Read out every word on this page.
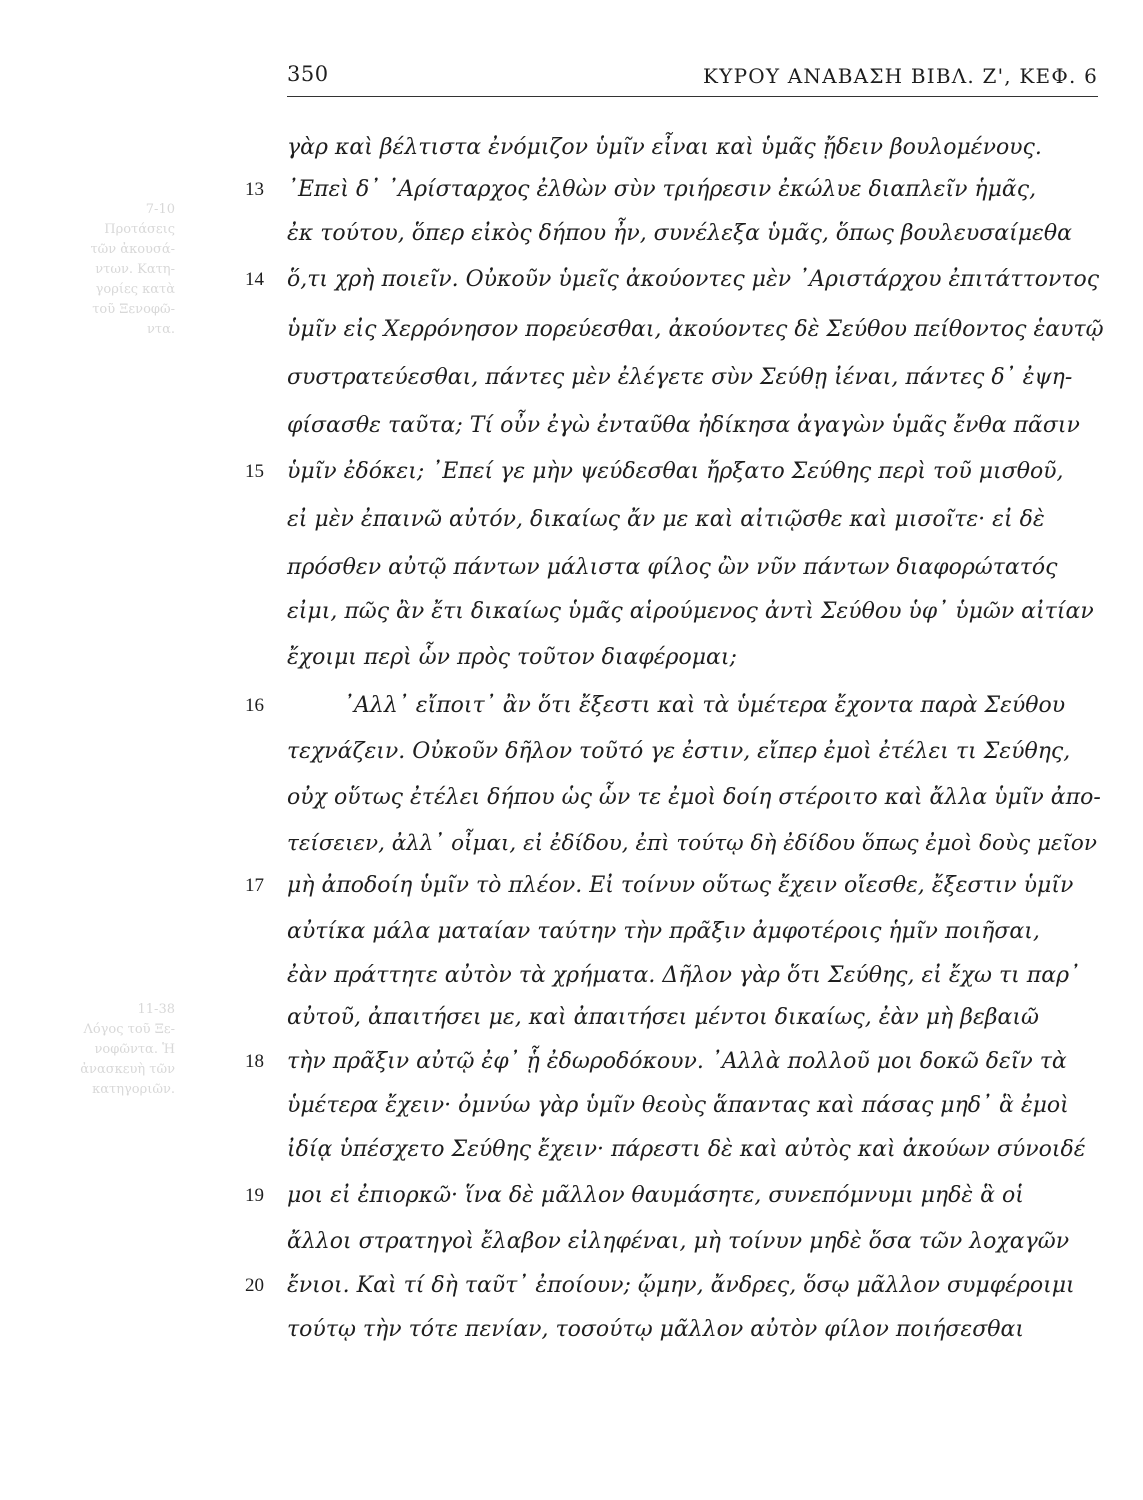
350	ΚΥΡΟΥ ΑΝΑΒΑΣΗ ΒΙΒΛ. Ζ', ΚΕΦ. 6
7-10
Προτάσεις
τῶν ἀκουσά-
ντων. Κατη-
γορίες κατὰ
τοῦ Ξενοφῶ-
ντα.
11-38
Λόγος τοῦ Ξε-
νοφῶντα. Ἡ
ἀνασκευὴ τῶν
κατηγοριῶν.
γὰρ καὶ βέλτιστα ἐνόμιζον ὑμῖν εἶναι καὶ ὑμᾶς ᾔδειν βουλομένους.
13	᾿Επεὶ δ᾿ ᾿Αρίσταρχος ἐλθὼν σὺν τριήρεσιν ἐκώλυε διαπλεῖν ἡμᾶς,
ἐκ τούτου, ὅπερ εἰκὸς δήπου ἦν, συνέλεξα ὑμᾶς, ὅπως βουλευσαίμεθα
14	ὅ,τι χρὴ ποιεῖν. Οὐκοῦν ὑμεῖς ἀκούοντες μὲν ᾿Αριστάρχου ἐπιτάττοντος
ὑμῖν εἰς Χερρόνησον πορεύεσθαι, ἀκούοντες δὲ Σεύθου πείθοντος ἑαυτῷ
συστρατεύεσθαι, πάντες μὲν ἐλέγετε σὺν Σεύθῃ ἰέναι, πάντες δ᾿ ἐψη-
φίσασθε ταῦτα; Τί οὖν ἐγὼ ἐνταῦθα ἠδίκησα ἀγαγὼν ὑμᾶς ἔνθα πᾶσιν
15	ὑμῖν ἐδόκει; ᾿Επεί γε μὴν ψεύδεσθαι ἤρξατο Σεύθης περὶ τοῦ μισθοῦ,
εἰ μὲν ἐπαινῶ αὐτόν, δικαίως ἄν με καὶ αἰτιῷσθε καὶ μισοῖτε· εἰ δὲ
πρόσθεν αὐτῷ πάντων μάλιστα φίλος ὢν νῦν πάντων διαφορώτατός
εἰμι, πῶς ἂν ἔτι δικαίως ὑμᾶς αἱρούμενος ἀντὶ Σεύθου ὑφ᾿ ὑμῶν αἰτίαν
ἔχοιμι περὶ ὧν πρὸς τοῦτον διαφέρομαι;
16	᾿Αλλ᾿ εἴποιτ᾿ ἂν ὅτι ἔξεστι καὶ τὰ ὑμέτερα ἔχοντα παρὰ Σεύθου
τεχνάζειν. Οὐκοῦν δῆλον τοῦτό γε ἐστιν, εἴπερ ἐμοὶ ἐτέλει τι Σεύθης,
οὐχ οὕτως ἐτέλει δήπου ὡς ὧν τε ἐμοὶ δοίη στέροιτο καὶ ἄλλα ὑμῖν ἀπο-
τείσειεν, ἀλλ᾿ οἶμαι, εἰ ἐδίδου, ἐπὶ τούτῳ δὴ ἐδίδου ὅπως ἐμοὶ δοὺς μεῖον
17	μὴ ἀποδοίη ὑμῖν τὸ πλέον. Εἰ τοίνυν οὕτως ἔχειν οἴεσθε, ἔξεστιν ὑμῖν
αὐτίκα μάλα ματαίαν ταύτην τὴν πρᾶξιν ἀμφοτέροις ἡμῖν ποιῆσαι,
ἐὰν πράττητε αὐτὸν τὰ χρήματα. Δῆλον γὰρ ὅτι Σεύθης, εἰ ἔχω τι παρ᾿
αὐτοῦ, ἀπαιτήσει με, καὶ ἀπαιτήσει μέντοι δικαίως, ἐὰν μὴ βεβαιῶ
18	τὴν πρᾶξιν αὐτῷ ἐφ᾿ ᾗ ἐδωροδόκουν. ᾿Αλλὰ πολλοῦ μοι δοκῶ δεῖν τὰ
ὑμέτερα ἔχειν· ὀμνύω γὰρ ὑμῖν θεοὺς ἅπαντας καὶ πάσας μηδ᾿ ἃ ἐμοὶ
ἰδίᾳ ὑπέσχετο Σεύθης ἔχειν· πάρεστι δὲ καὶ αὐτὸς καὶ ἀκούων σύνοιδέ
19	μοι εἰ ἐπιορκῶ· ἵνα δὲ μᾶλλον θαυμάσητε, συνεπόμνυμι μηδὲ ἃ οἱ
ἄλλοι στρατηγοὶ ἔλαβον εἰληφέναι, μὴ τοίνυν μηδὲ ὅσα τῶν λοχαγῶν
20	ἔνιοι. Καὶ τί δὴ ταῦτ᾿ ἐποίουν; ᾤμην, ἄνδρες, ὅσῳ μᾶλλον συμφέροιμι
τούτῳ τὴν τότε πενίαν, τοσούτῳ μᾶλλον αὐτὸν φίλον ποιήσεσθαι
